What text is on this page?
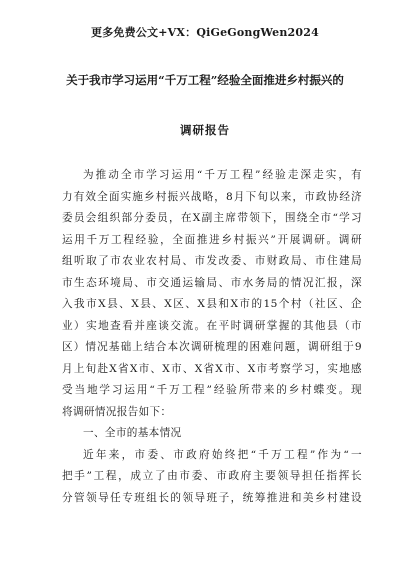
更多免费公文+VX：QiGeGongWen2024
关于我市学习运用“千万工程”经验全面推进乡村振兴的
调研报告
为推动全市学习运用“千万工程”经验走深走实，有
力有效全面实施乡村振兴战略，8月下旬以来，市政协经济
委员会组织部分委员，在X副主席带领下，围绕全市“学习
运用千万工程经验，全面推进乡村振兴”开展调研。调研
组听取了市农业农村局、市发改委、市财政局、市住建局
市生态环境局、市交通运输局、市水务局的情况汇报，深
入我市X县、X县、X区、X县和X市的15个村（社区、企
业）实地查看并座谈交流。在平时调研掌握的其他县（市
区）情况基础上结合本次调研梳理的困难问题，调研组于9
月上旬赴X省X市、X市、X省X市、X市考察学习，实地感
受当地学习运用“千万工程”经验所带来的乡村蝶变。现
将调研情况报告如下：
一、全市的基本情况
近年来，市委、市政府始终把“千万工程”作为“一
把手”工程，成立了由市委、市政府主要领导担任指挥长
分管领导任专班组长的领导班子，统筹推进和美乡村建设
